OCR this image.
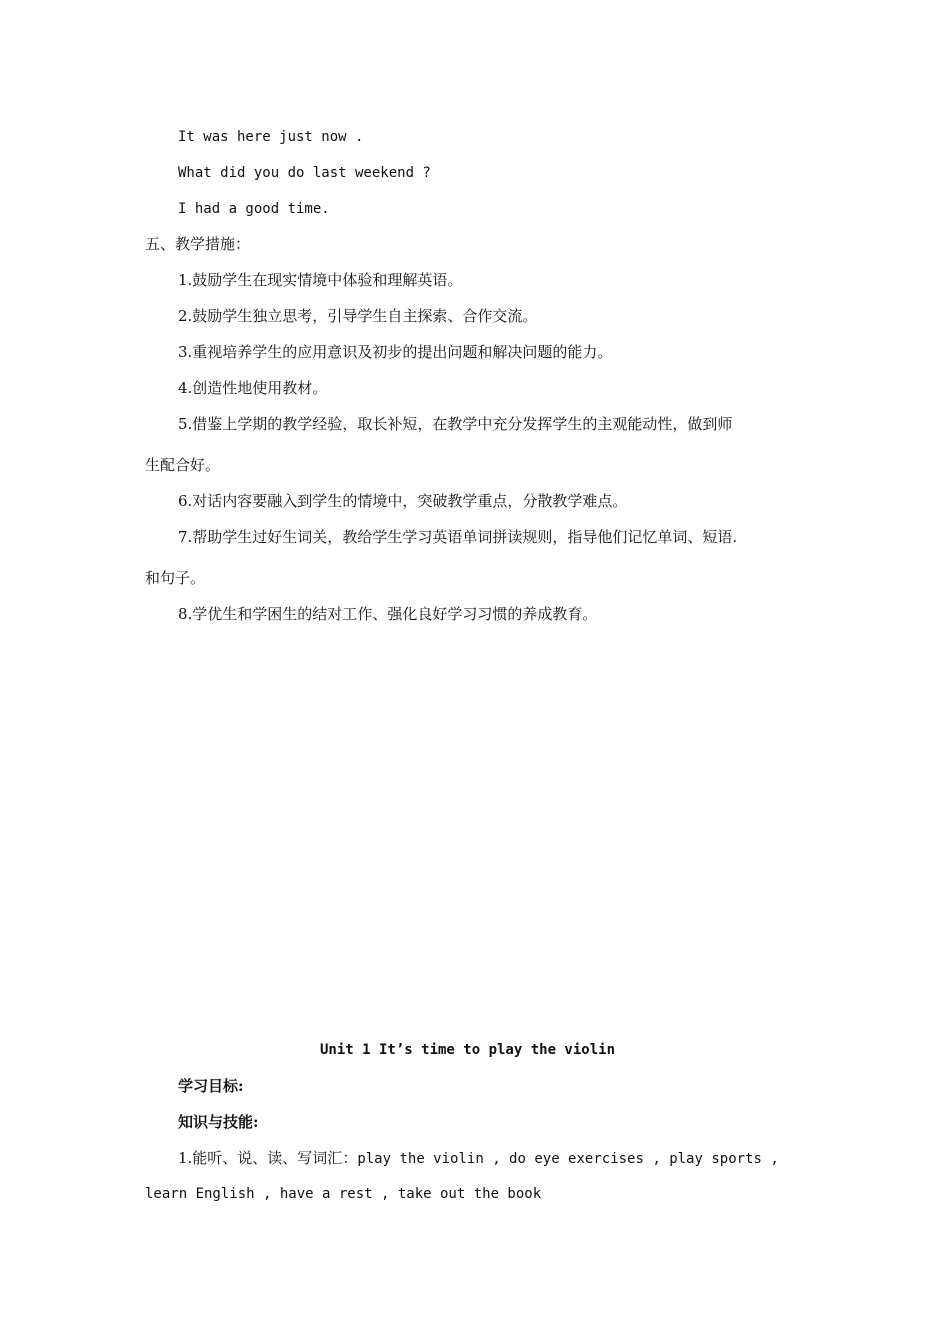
It was here just now .
What did you do last weekend ?
I had a good time.
五、教学措施：
1.鼓励学生在现实情境中体验和理解英语。
2.鼓励学生独立思考，引导学生自主探索、合作交流。
3.重视培养学生的应用意识及初步的提出问题和解决问题的能力。
4.创造性地使用教材。
5.借鉴上学期的教学经验，取长补短，在教学中充分发挥学生的主观能动性，做到师
生配合好。
6.对话内容要融入到学生的情境中，突破教学重点，分散教学难点。
7.帮助学生过好生词关，教给学生学习英语单词拼读规则，指导他们记忆单词、短语.
和句子。
8.学优生和学困生的结对工作、强化良好学习习惯的养成教育。
Unit 1 It’s time to play the violin
学习目标:
知识与技能:
1.能听、说、读、写词汇：play the violin , do eye exercises , play sports ,
learn English , have a rest , take out the book
